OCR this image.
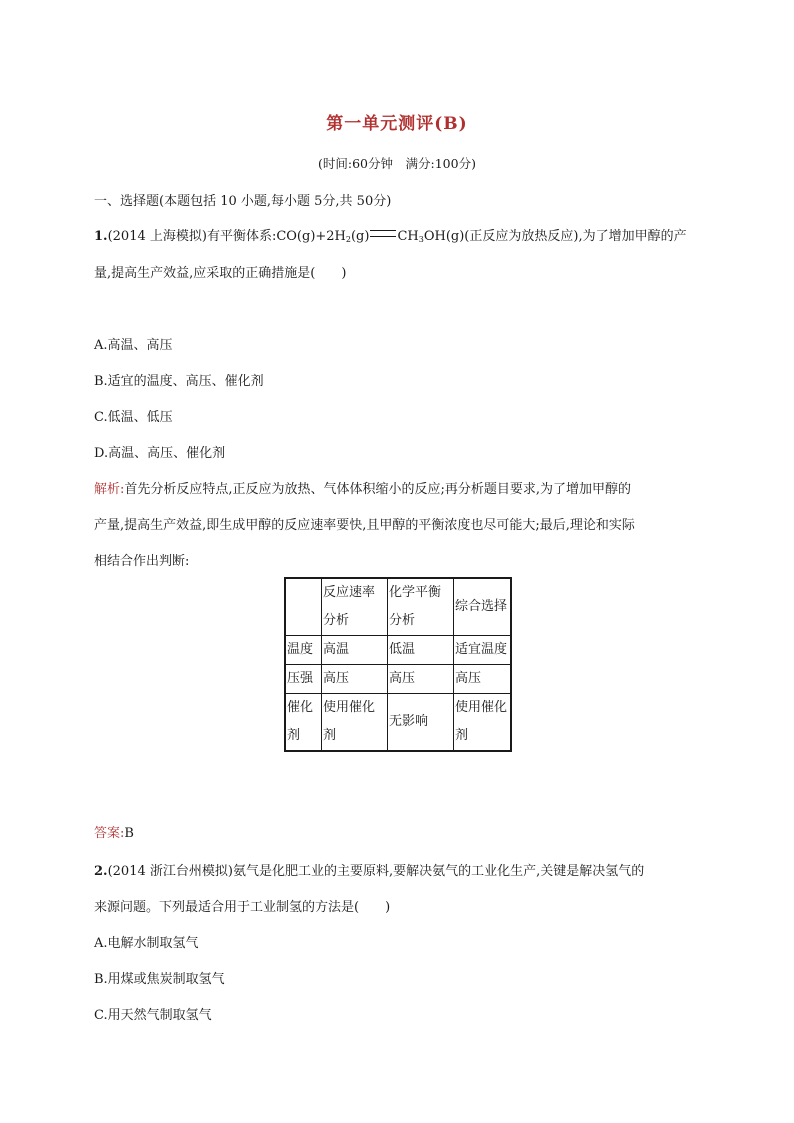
第一单元测评(B)
(时间:60分钟　满分:100分)
一、选择题(本题包括 10 小题,每小题 5分,共 50分)
1.(2014 上海模拟)有平衡体系$:CO(g)+2H_2(g)$ $CH_3OH(g)$(正反应为放热反应),为了增加甲醇的产
量,提高生产效益,应采取的正确措施是(　　)
A.高温、高压
B.适宜的温度、高压、催化剂
C.低温、低压
D.高温、高压、催化剂
解析:首先分析反应特点,正反应为放热、气体体积缩小的反应;再分析题目要求,为了增加甲醇的
产量,提高生产效益,即生成甲醇的反应速率要快,且甲醇的平衡浓度也尽可能大;最后,理论和实际
相结合作出判断:
	反应速率分析	化学平衡分析	综合选择
温度	高温	低温	适宜温度
压强	高压	高压	高压
催化剂	使用催化剂	无影响	使用催化剂
答案:B
2.(2014 浙江台州模拟)氨气是化肥工业的主要原料,要解决氨气的工业化生产,关键是解决氢气的
来源问题。下列最适合用于工业制氢的方法是(　　)
A.电解水制取氢气
B.用煤或焦炭制取氢气
C.用天然气制取氢气
